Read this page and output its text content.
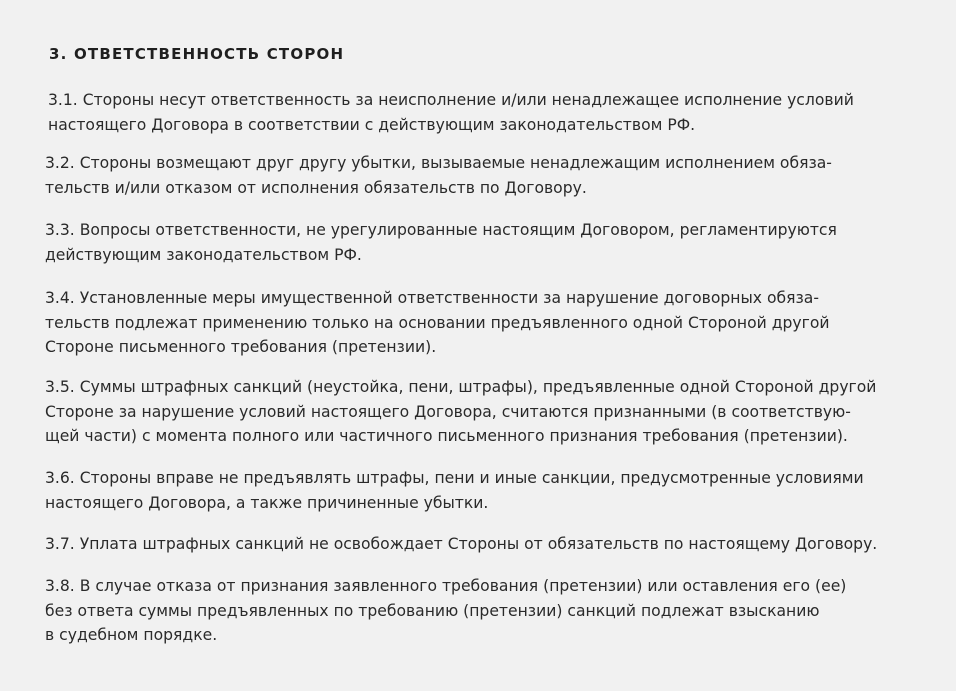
3. ОТВЕТСТВЕННОСТЬ СТОРОН

3.1. Стороны несут ответственность за неисполнение и/или ненадлежащее исполнение условий
настоящего Договора в соответствии с действующим законодательством РФ.

3.2. Стороны возмещают друг другу убытки, вызываемые ненадлежащим исполнением обяза-
тельств и/или отказом от исполнения обязательств по Договору.

3.3. Вопросы ответственности, не урегулированные настоящим Договором, регламентируются
действующим законодательством РФ.

3.4. Установленные меры имущественной ответственности за нарушение договорных обяза-
тельств подлежат применению только на основании предъявленного одной Стороной другой
Стороне письменного требования (претензии).

3.5. Суммы штрафных санкций (неустойка, пени, штрафы), предъявленные одной Стороной другой
Стороне за нарушение условий настоящего Договора, считаются признанными (в соответствую-
щей части) с момента полного или частичного письменного признания требования (претензии).

3.6. Стороны вправе не предъявлять штрафы, пени и иные санкции, предусмотренные условиями
настоящего Договора, а также причиненные убытки.

3.7. Уплата штрафных санкций не освобождает Стороны от обязательств по настоящему Договору.

3.8. В случае отказа от признания заявленного требования (претензии) или оставления его (ее)
без ответа суммы предъявленных по требованию (претензии) санкций подлежат взысканию
в судебном порядке.
